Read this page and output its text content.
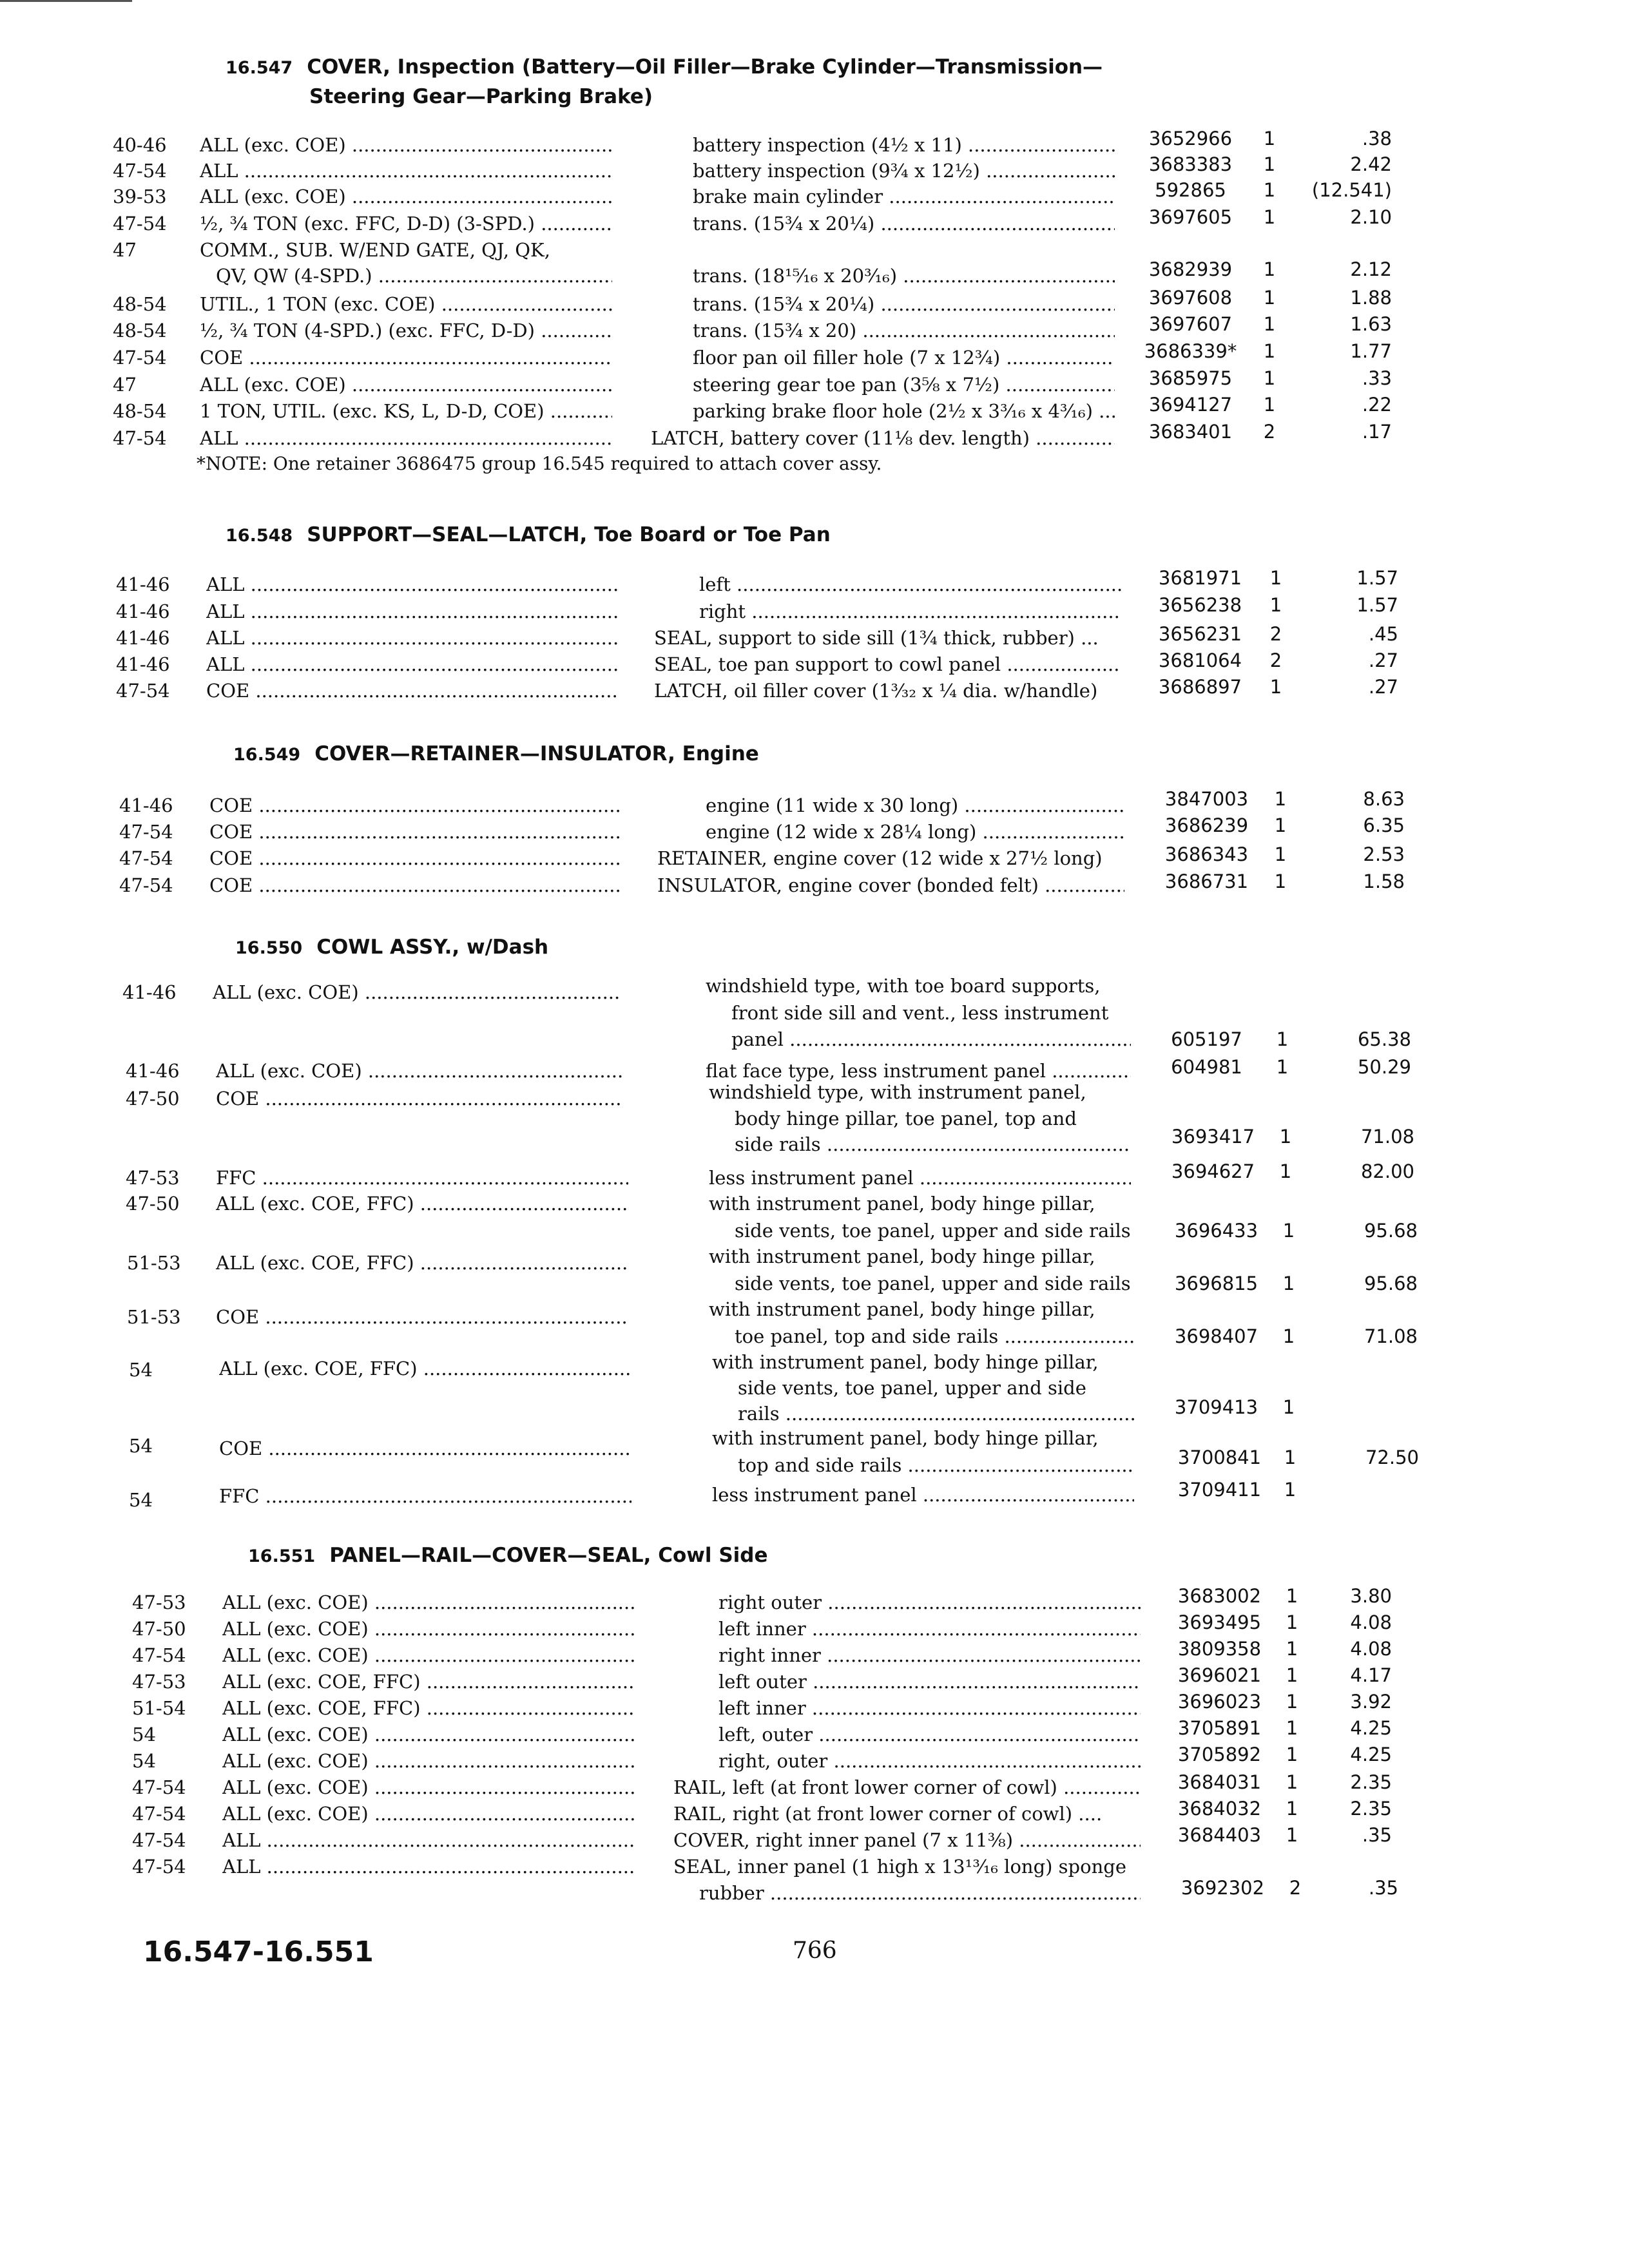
16.547 COVER, Inspection (Battery—Oil Filler—Brake Cylinder—Transmission—
Steering Gear—Parking Brake)
40-46	ALL (exc. COE) .....	battery inspection (4½ x 11) .....	3652966	1	.38
47-54	ALL .....	battery inspection (9¾ x 12½) .....	3683383	1	2.42
39-53	ALL (exc. COE) .....	brake main cylinder .....	592865	1	(12.541)
47-54	½, ¾ TON (exc. FFC, D-D) (3-SPD.) .....	trans. (15¾ x 20¼) .....	3697605	1	2.10
47	COMM., SUB. W/END GATE, QJ, QK,
QV, QW (4-SPD.) .....	trans. (18¹⁵⁄₁₆ x 20³⁄₁₆) .....	3682939	1	2.12
48-54	UTIL., 1 TON (exc. COE) .....	trans. (15¾ x 20¼) .....	3697608	1	1.88
48-54	½, ¾ TON (4-SPD.) (exc. FFC, D-D) .....	trans. (15¾ x 20) .....	3697607	1	1.63
47-54	COE .....	floor pan oil filler hole (7 x 12¾) .....	3686339*	1	1.77
47	ALL (exc. COE) .....	steering gear toe pan (3⅝ x 7½) .....	3685975	1	.33
48-54	1 TON, UTIL. (exc. KS, L, D-D, COE) .....	parking brake floor hole (2½ x 3³⁄₁₆ x 4³⁄₁₆) .....	3694127	1	.22
47-54	ALL .....	LATCH, battery cover (11⅛ dev. length) .....	3683401	2	.17
*NOTE: One retainer 3686475 group 16.545 required to attach cover assy.
16.548 SUPPORT—SEAL—LATCH, Toe Board or Toe Pan
41-46	ALL .....	left .....	3681971	1	1.57
41-46	ALL .....	right .....	3656238	1	1.57
41-46	ALL .....	SEAL, support to side sill (1¾ thick, rubber) ...	3656231	2	.45
41-46	ALL .....	SEAL, toe pan support to cowl panel .....	3681064	2	.27
47-54	COE .....	LATCH, oil filler cover (1³⁄₃₂ x ¼ dia. w/handle)	3686897	1	.27
16.549 COVER—RETAINER—INSULATOR, Engine
41-46	COE .....	engine (11 wide x 30 long) .....	3847003	1	8.63
47-54	COE .....	engine (12 wide x 28¼ long) .....	3686239	1	6.35
47-54	COE .....	RETAINER, engine cover (12 wide x 27½ long)	3686343	1	2.53
47-54	COE .....	INSULATOR, engine cover (bonded felt) .....	3686731	1	1.58
16.550 COWL ASSY., w/Dash
41-46	ALL (exc. COE) .....	windshield type, with toe board supports,
front side sill and vent., less instrument
panel .....	605197	1	65.38
41-46	ALL (exc. COE) .....	flat face type, less instrument panel .....	604981	1	50.29
47-50	COE .....	windshield type, with instrument panel,
body hinge pillar, toe panel, top and
side rails .....	3693417	1	71.08
47-53	FFC .....	less instrument panel .....	3694627	1	82.00
47-50	ALL (exc. COE, FFC) .....	with instrument panel, body hinge pillar,
side vents, toe panel, upper and side rails	3696433	1	95.68
51-53	ALL (exc. COE, FFC) .....	with instrument panel, body hinge pillar,
side vents, toe panel, upper and side rails	3696815	1	95.68
51-53	COE .....	with instrument panel, body hinge pillar,
toe panel, top and side rails .....	3698407	1	71.08
54	ALL (exc. COE, FFC) .....	with instrument panel, body hinge pillar,
side vents, toe panel, upper and side
rails .....	3709413	1
54	COE .....	with instrument panel, body hinge pillar,
top and side rails .....	3700841	1	72.50
54	FFC .....	less instrument panel .....	3709411	1
16.551 PANEL—RAIL—COVER—SEAL, Cowl Side
47-53	ALL (exc. COE) .....	right outer .....	3683002	1	3.80
47-50	ALL (exc. COE) .....	left inner .....	3693495	1	4.08
47-54	ALL (exc. COE) .....	right inner .....	3809358	1	4.08
47-53	ALL (exc. COE, FFC) .....	left outer .....	3696021	1	4.17
51-54	ALL (exc. COE, FFC) .....	left inner .....	3696023	1	3.92
54	ALL (exc. COE) .....	left, outer .....	3705891	1	4.25
54	ALL (exc. COE) .....	right, outer .....	3705892	1	4.25
47-54	ALL (exc. COE) .....	RAIL, left (at front lower corner of cowl) .....	3684031	1	2.35
47-54	ALL (exc. COE) .....	RAIL, right (at front lower corner of cowl) ....	3684032	1	2.35
47-54	ALL .....	COVER, right inner panel (7 x 11⅜) .....	3684403	1	.35
47-54	ALL .....	SEAL, inner panel (1 high x 13¹³⁄₁₆ long) sponge
rubber .....	3692302	2	.35
16.547-16.551	766
